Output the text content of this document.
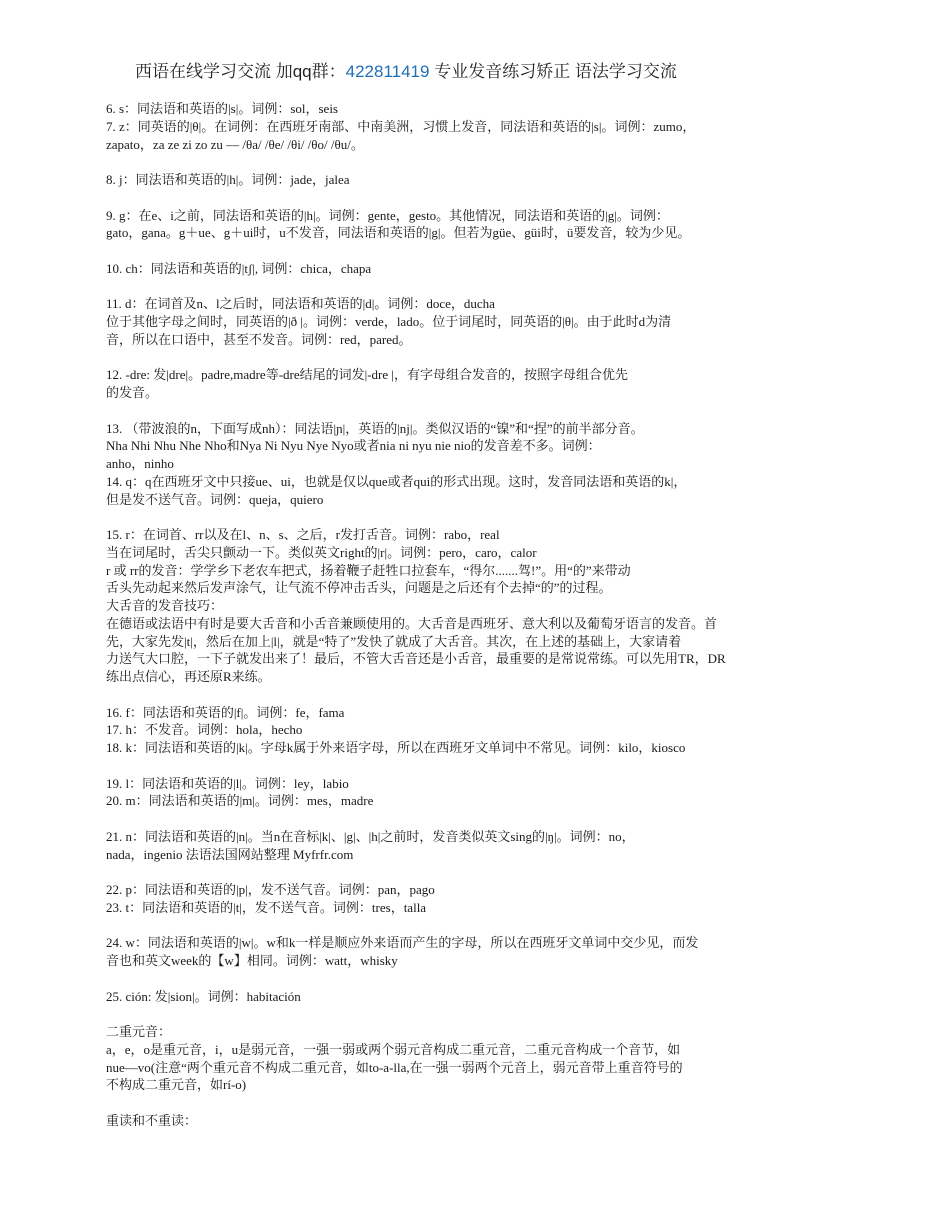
西语在线学习交流 加qq群：422811419 专业发音练习矫正 语法学习交流
6. s：同法语和英语的|s|。词例：sol，seis
7. z：同英语的|θ|。在词例：在西班牙南部、中南美洲，习惯上发音，同法语和英语的|s|。词例：zumo，
zapato，za ze zi zo zu — /θa/ /θe/ /θi/ /θo/ /θu/。
8. j：同法语和英语的|h|。词例：jade，jalea
9. g：在e、i之前，同法语和英语的|h|。词例：gente，gesto。其他情况，同法语和英语的|g|。词例：
gato，gana。g＋ue、g＋ui时，u不发音，同法语和英语的|g|。但若为güe、güi时，ü要发音，较为少见。
10. ch：同法语和英语的|tʃ|, 词例：chica，chapa
11. d：在词首及n、l之后时，同法语和英语的|d|。词例：doce，ducha
位于其他字母之间时，同英语的|ð |。词例：verde，lado。位于词尾时，同英语的|θ|。由于此时d为清
音，所以在口语中，甚至不发音。词例：red，pared。
12. -dre: 发|dre|。padre,madre等-dre结尾的词发|-dre |，有字母组合发音的，按照字母组合优先
的发音。
13. （带波浪的n，下面写成nh）：同法语|ɲ|，英语的|nj|。类似汉语的“镍”和“捏”的前半部分音。
Nha Nhi Nhu Nhe Nho和Nya Ni Nyu Nye Nyo或者nia ni nyu nie nio的发音差不多。词例：
anho，ninho
14. q：q在西班牙文中只接ue、ui，也就是仅以que或者qui的形式出现。这时，发音同法语和英语的k|，
但是发不送气音。词例：queja，quiero
15. r：在词首、rr以及在l、n、s、之后，r发打舌音。词例：rabo，real
当在词尾时，舌尖只颤动一下。类似英文right的|r|。词例：pero，caro，calor
r 或 rr的发音：学学乡下老农车把式，扬着鞭子赶牲口拉套车，“得尔.......驾!”。用“的”来带动
舌头先动起来然后发声涂气，让气流不停冲击舌头，问题是之后还有个去掉“的”的过程。
大舌音的发音技巧：
在德语或法语中有时是要大舌音和小舌音兼顾使用的。大舌音是西班牙、意大利以及葡萄牙语言的发音。首
先，大家先发|t|，然后在加上|l|，就是“特了”发快了就成了大舌音。其次，在上述的基础上，大家请着
力送气大口腔，一下子就发出来了！最后，不管大舌音还是小舌音，最重要的是常说常练。可以先用TR，DR
练出点信心，再还原R来练。
16. f：同法语和英语的|f|。词例：fe，fama
17. h：不发音。词例：hola，hecho
18. k：同法语和英语的|k|。字母k属于外来语字母，所以在西班牙文单词中不常见。词例：kilo，kiosco
19. l：同法语和英语的|l|。词例：ley，labio
20. m：同法语和英语的|m|。词例：mes，madre
21. n：同法语和英语的|n|。当n在音标|k|、|g|、|h|之前时，发音类似英文sing的|ŋ|。词例：no，
nada，ingenio 法语法国网站整理 Myfrfr.com
22. p：同法语和英语的|p|，发不送气音。词例：pan，pago
23. t：同法语和英语的|t|，发不送气音。词例：tres，talla
24. w：同法语和英语的|w|。w和k一样是顺应外来语而产生的字母，所以在西班牙文单词中交少见，而发
音也和英文week的【w】相同。词例：watt，whisky
25. ción: 发|sion|。词例：habitación
二重元音：
a，e，o是重元音，i，u是弱元音，一强一弱或两个弱元音构成二重元音，二重元音构成一个音节，如
nue—vo(注意“两个重元音不构成二重元音，如to-a-lla,在一强一弱两个元音上，弱元音带上重音符号的
不构成二重元音，如rí-o)
重读和不重读：
